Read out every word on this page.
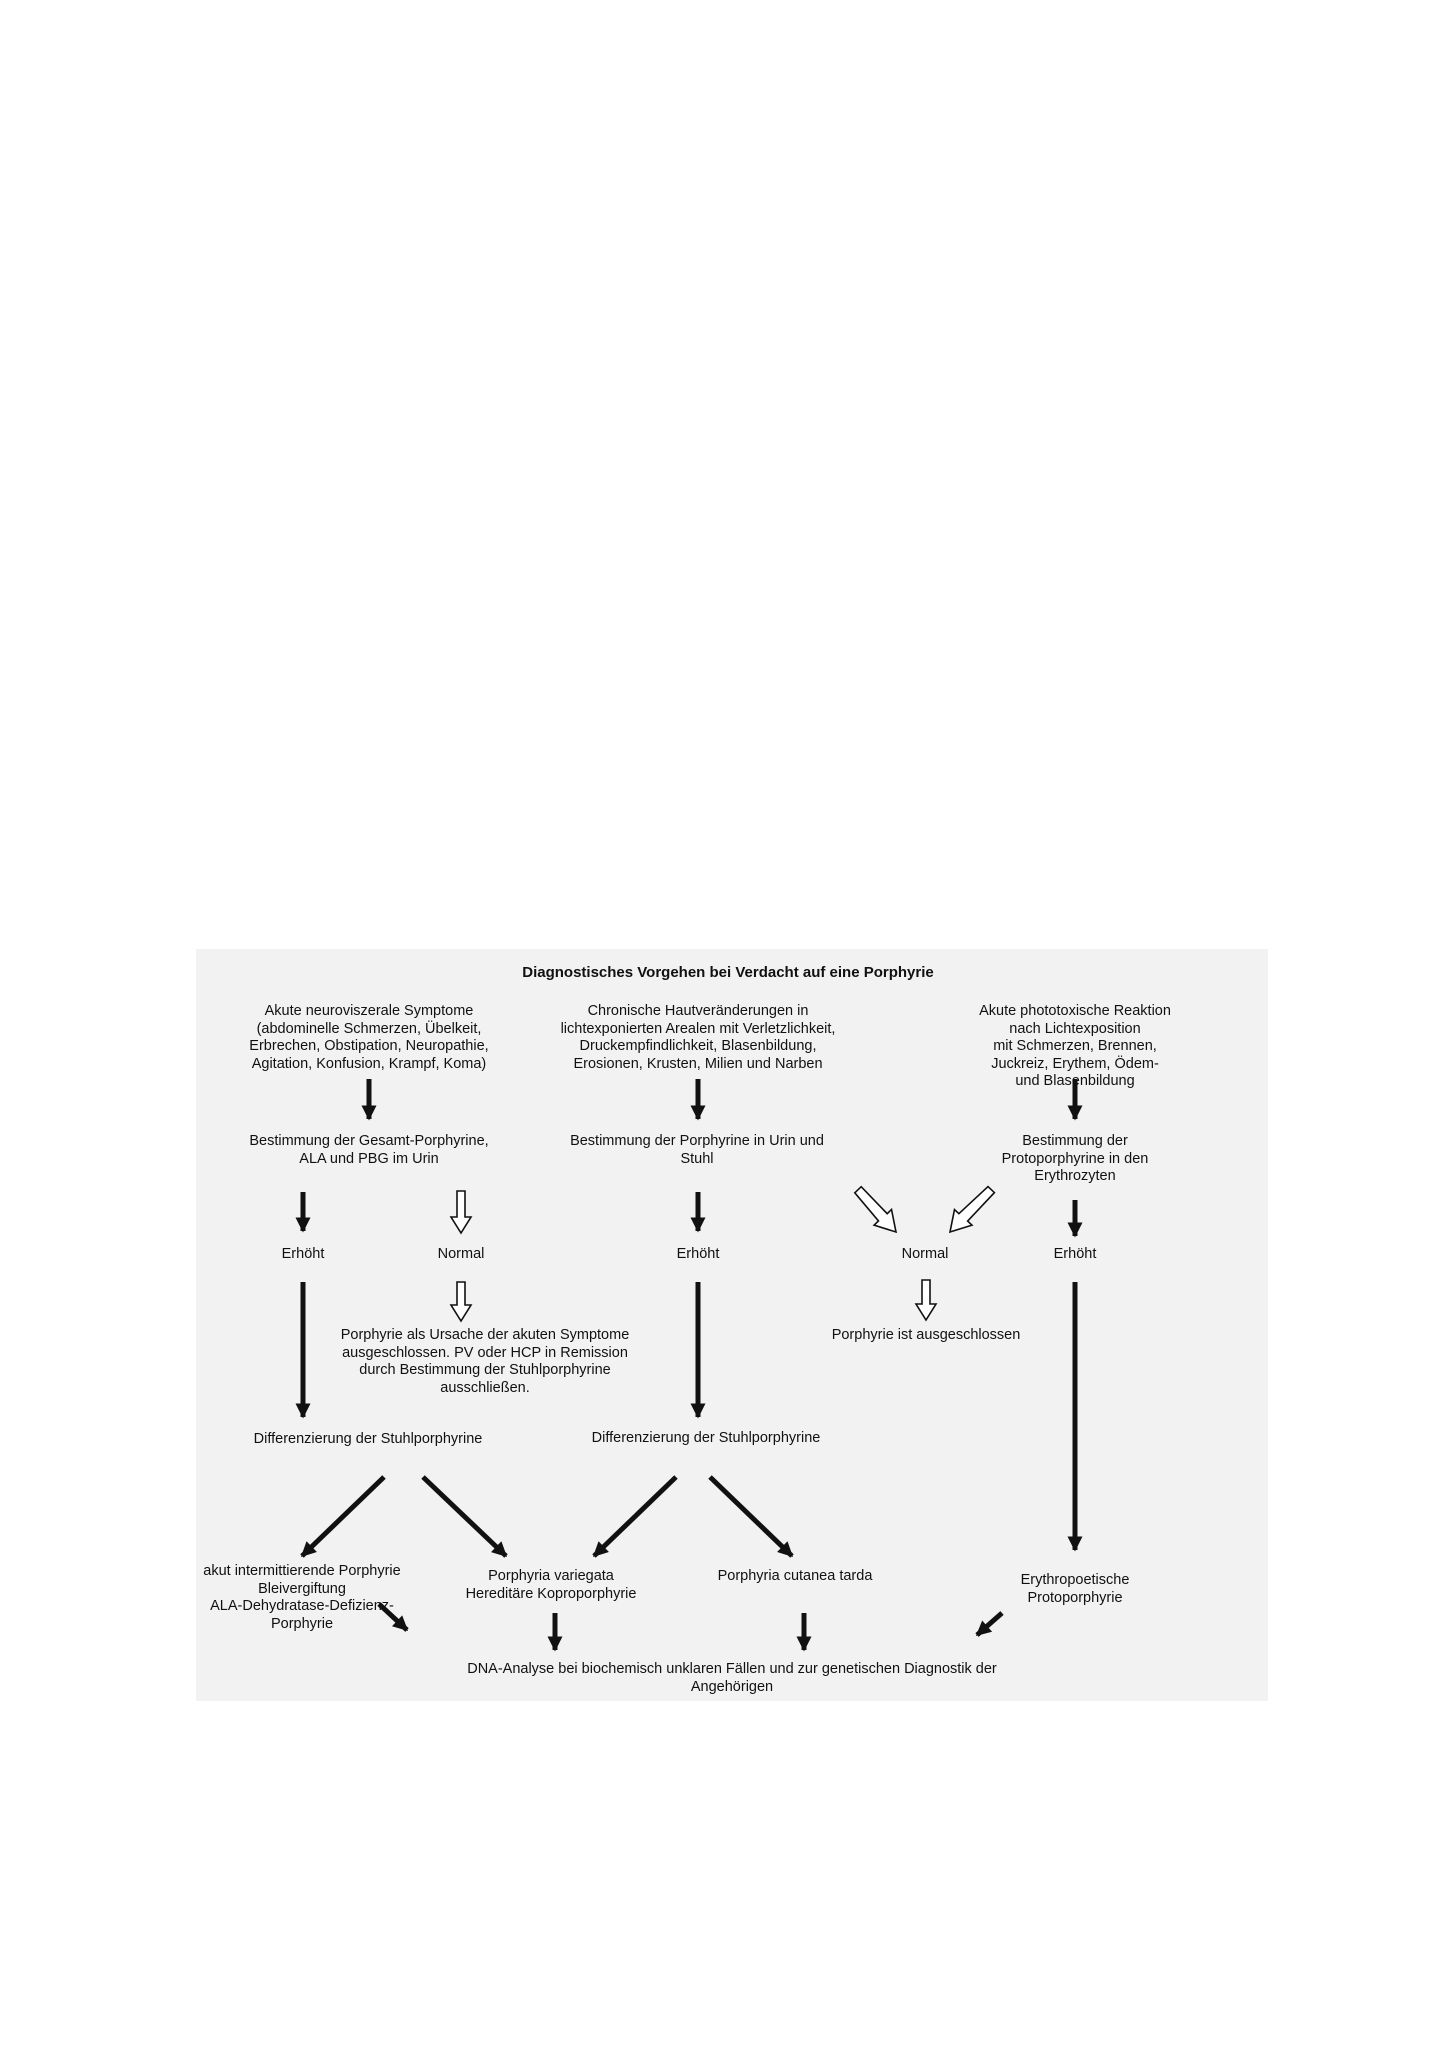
Diagnostisches Vorgehen bei Verdacht auf eine Porphyrie
Akute neuroviszerale Symptome
(abdominelle Schmerzen, Übelkeit,
Erbrechen, Obstipation, Neuropathie,
Agitation, Konfusion, Krampf, Koma)
Chronische Hautveränderungen in
lichtexponierten Arealen mit Verletzlichkeit,
Druckempfindlichkeit, Blasenbildung,
Erosionen, Krusten, Milien und Narben
Akute phototoxische Reaktion nach Lichtexposition
mit Schmerzen, Brennen, Juckreiz, Erythem, Ödem-
und Blasenbildung
Bestimmung der Gesamt-Porphyrine,
ALA und PBG im Urin
Bestimmung der Porphyrine in Urin und
Stuhl
Bestimmung der Protoporphyrine in den
Erythrozyten
Erhöht	Normal	Erhöht	Normal	Erhöht
Porphyrie als Ursache der akuten Symptome
ausgeschlossen. PV oder HCP in Remission
durch Bestimmung der Stuhlporphyrine
ausschließen.
Porphyrie ist ausgeschlossen
Differenzierung der Stuhlporphyrine	Differenzierung der Stuhlporphyrine
akut intermittierende Porphyrie
Bleivergiftung
ALA-Dehydratase-Defizienz-
Porphyrie
Porphyria variegata
Hereditäre Koproporphyrie
Porphyria cutanea tarda	Erythropoetische Protoporphyrie
DNA-Analyse bei biochemisch unklaren Fällen und zur genetischen Diagnostik der Angehörigen
